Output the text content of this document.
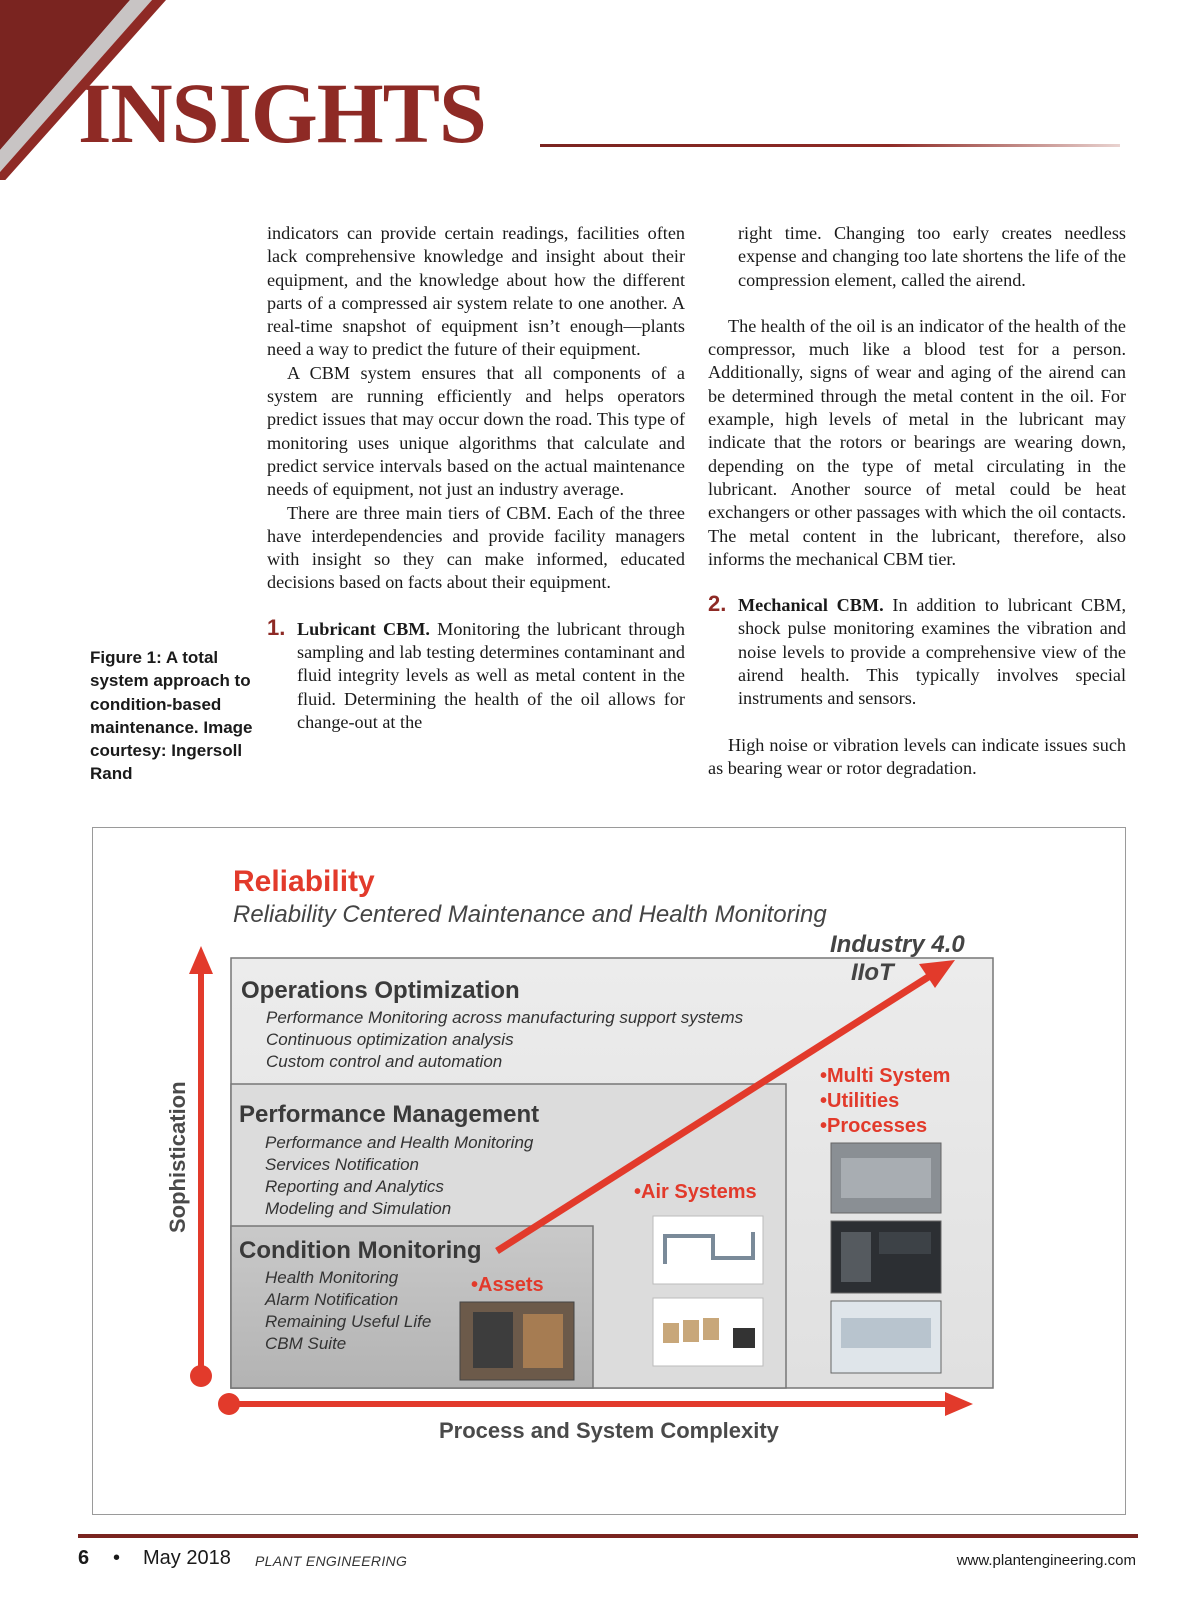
INSIGHTS

indicators can provide certain readings, facilities often lack comprehensive knowledge and insight about their equipment, and the knowledge about how the different parts of a compressed air system relate to one another. A real-time snapshot of equipment isn’t enough—plants need a way to predict the future of their equipment.

A CBM system ensures that all components of a system are running efficiently and helps operators predict issues that may occur down the road. This type of monitoring uses unique algorithms that calculate and predict service intervals based on the actual maintenance needs of equipment, not just an industry average.

There are three main tiers of CBM. Each of the three have interdependencies and provide facility managers with insight so they can make informed, educated decisions based on facts about their equipment.

1. Lubricant CBM. Monitoring the lubricant through sampling and lab testing determines contaminant and fluid integrity levels as well as metal content in the fluid. Determining the health of the oil allows for change-out at the

right time. Changing too early creates needless expense and changing too late shortens the life of the compression element, called the airend.

The health of the oil is an indicator of the health of the compressor, much like a blood test for a person. Additionally, signs of wear and aging of the airend can be determined through the metal content in the oil. For example, high levels of metal in the lubricant may indicate that the rotors or bearings are wearing down, depending on the type of metal circulating in the lubricant. Another source of metal could be heat exchangers or other passages with which the oil contacts. The metal content in the lubricant, therefore, also informs the mechanical CBM tier.

2. Mechanical CBM. In addition to lubricant CBM, shock pulse monitoring examines the vibration and noise levels to provide a comprehensive view of the airend health. This typically involves special instruments and sensors.

High noise or vibration levels can indicate issues such as bearing wear or rotor degradation.

Figure 1: A total system approach to condition-based maintenance. Image courtesy: Ingersoll Rand
Reliability
Reliability Centered Maintenance and Health Monitoring
Operations Optimization
Performance Monitoring across manufacturing support systems
Continuous optimization analysis
Custom control and automation
Performance Management
Performance and Health Monitoring
Services Notification
Reporting and Analytics
Modeling and Simulation
Condition Monitoring
Health Monitoring
Alarm Notification
Remaining Useful Life
CBM Suite
Industry 4.0
IIoT
•Assets
•Air Systems
•Multi System
•Utilities
•Processes
Sophistication
Process and System Complexity
6 • May 2018 PLANT ENGINEERING	www.plantengineering.com
